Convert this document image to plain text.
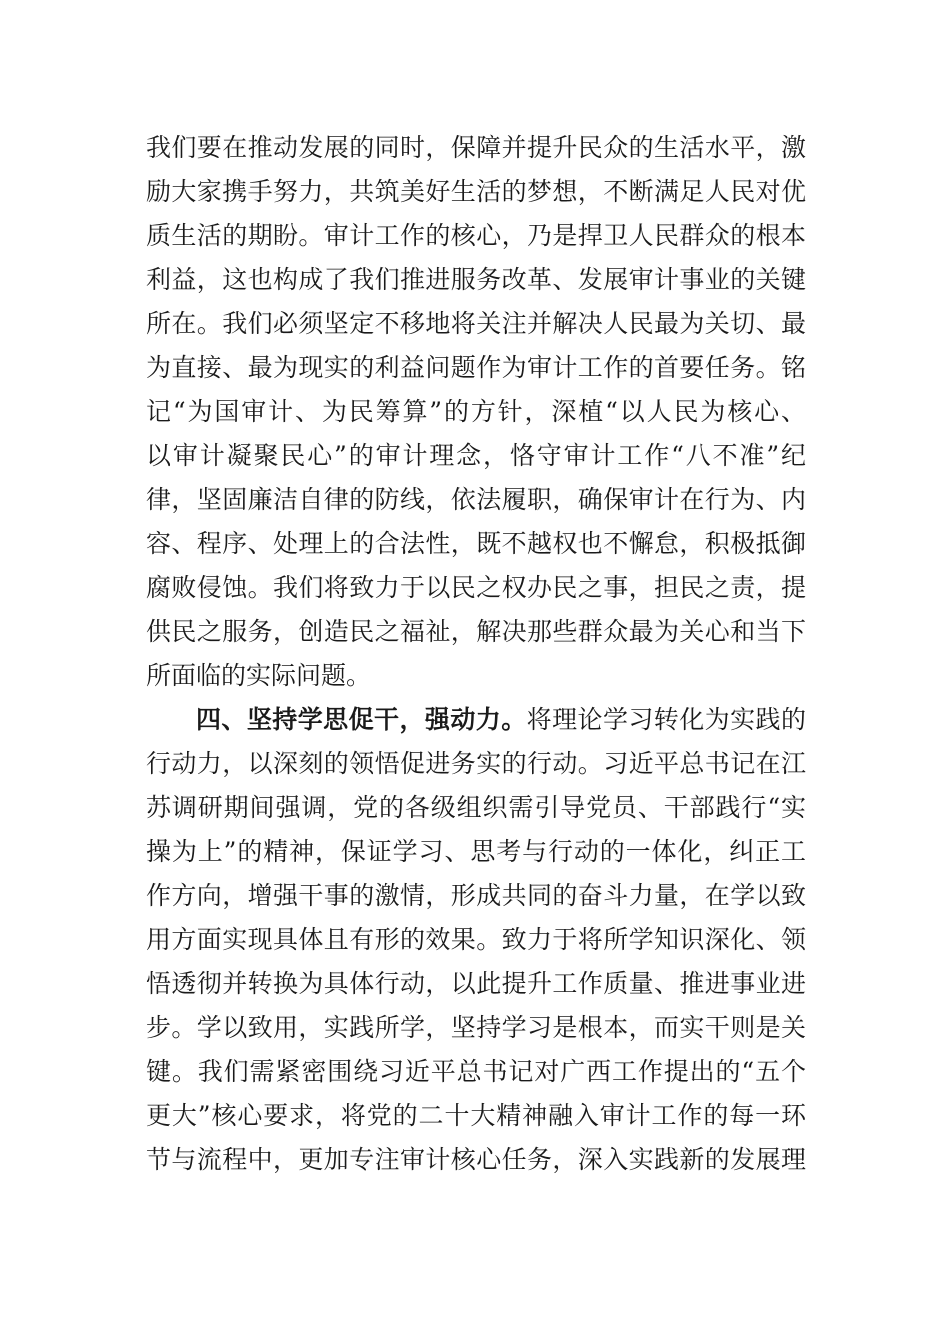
我们要在推动发展的同时，保障并提升民众的生活水平，激
励大家携手努力，共筑美好生活的梦想，不断满足人民对优
质生活的期盼。审计工作的核心，乃是捍卫人民群众的根本
利益，这也构成了我们推进服务改革、发展审计事业的关键
所在。我们必须坚定不移地将关注并解决人民最为关切、最
为直接、最为现实的利益问题作为审计工作的首要任务。铭
记“为国审计、为民筹算”的方针，深植“以人民为核心、
以审计凝聚民心”的审计理念，恪守审计工作“八不准”纪
律，坚固廉洁自律的防线，依法履职，确保审计在行为、内
容、程序、处理上的合法性，既不越权也不懈怠，积极抵御
腐败侵蚀。我们将致力于以民之权办民之事，担民之责，提
供民之服务，创造民之福祉，解决那些群众最为关心和当下
所面临的实际问题。
四、坚持学思促干，强动力。将理论学习转化为实践的
行动力，以深刻的领悟促进务实的行动。习近平总书记在江
苏调研期间强调，党的各级组织需引导党员、干部践行“实
操为上”的精神，保证学习、思考与行动的一体化，纠正工
作方向，增强干事的激情，形成共同的奋斗力量，在学以致
用方面实现具体且有形的效果。致力于将所学知识深化、领
悟透彻并转换为具体行动，以此提升工作质量、推进事业进
步。学以致用，实践所学，坚持学习是根本，而实干则是关
键。我们需紧密围绕习近平总书记对广西工作提出的“五个
更大”核心要求，将党的二十大精神融入审计工作的每一环
节与流程中，更加专注审计核心任务，深入实践新的发展理
